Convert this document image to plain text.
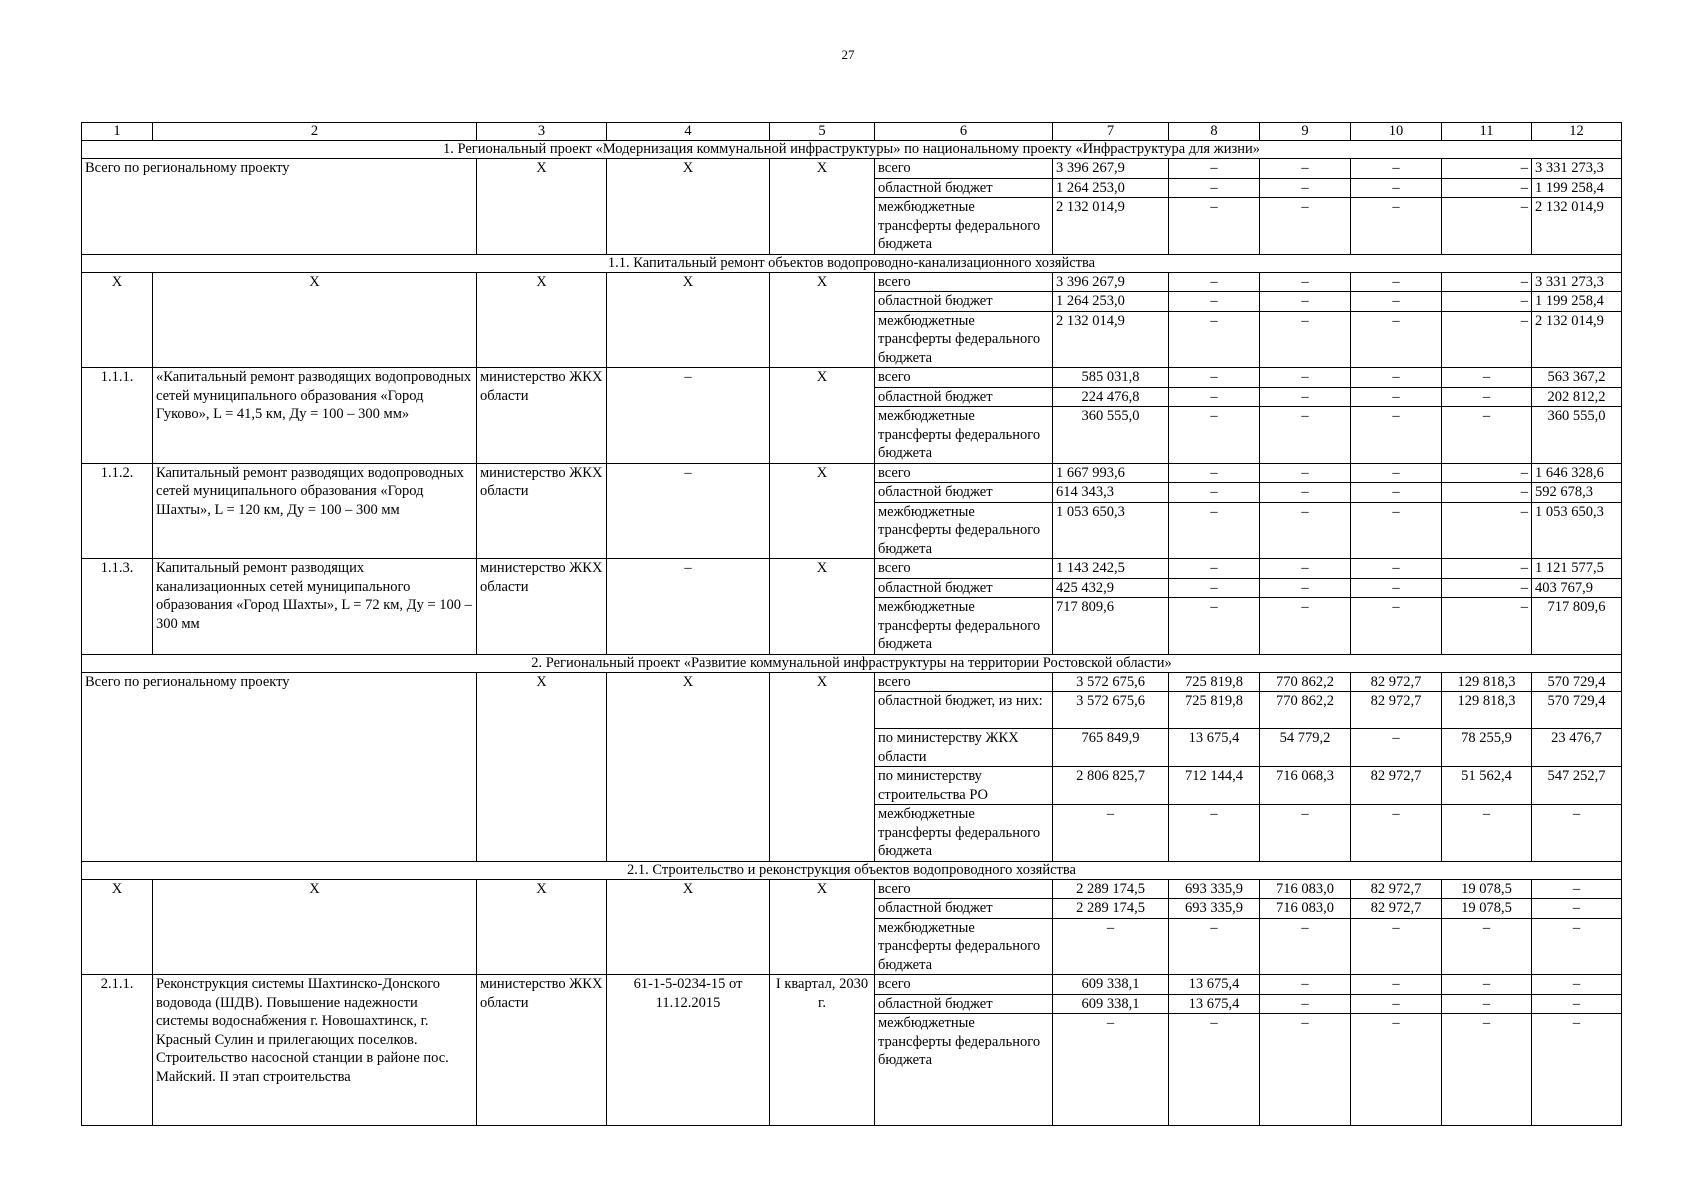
27
1	2	3	4	5	6	7	8	9	10	11	12
1. Региональный проект «Модернизация коммунальной инфраструктуры» по национальному проекту «Инфраструктура для жизни»											
Всего по региональному проекту		Х	Х	Х	всего	3 396 267,9	–	–	–	–	3 331 273,3
					областной бюджет	1 264 253,0	–	–	–	–	1 199 258,4
					межбюджетные трансферты федерального бюджета	2 132 014,9	–	–	–	–	2 132 014,9
1.1. Капитальный ремонт объектов водопроводно-канализационного хозяйства											
Х	Х	Х	Х	Х	всего	3 396 267,9	–	–	–	–	3 331 273,3
					областной бюджет	1 264 253,0	–	–	–	–	1 199 258,4
					межбюджетные трансферты федерального бюджета	2 132 014,9	–	–	–	–	2 132 014,9
1.1.1.	«Капитальный ремонт разводящих водопроводных сетей муниципального образования «Город Гуково», L = 41,5 км, Ду = 100 – 300 мм»	министерство ЖКХ области	–	Х	всего	585 031,8	–	–	–	–	563 367,2
					областной бюджет	224 476,8	–	–	–	–	202 812,2
					межбюджетные трансферты федерального бюджета	360 555,0	–	–	–	–	360 555,0
1.1.2.	Капитальный ремонт разводящих водопроводных сетей муниципального образования «Город Шахты», L = 120 км, Ду = 100 – 300 мм	министерство ЖКХ области	–	Х	всего	1 667 993,6	–	–	–	–	1 646 328,6
					областной бюджет	614 343,3	–	–	–	–	592 678,3
					межбюджетные трансферты федерального бюджета	1 053 650,3	–	–	–	–	1 053 650,3
1.1.3.	Капитальный ремонт разводящих канализационных сетей муниципального образования «Город Шахты», L = 72 км, Ду = 100 – 300 мм	министерство ЖКХ области	–	Х	всего	1 143 242,5	–	–	–	–	1 121 577,5
					областной бюджет	425 432,9	–	–	–	–	403 767,9
					межбюджетные трансферты федерального бюджета	717 809,6	–	–	–	–	717 809,6
2. Региональный проект «Развитие коммунальной инфраструктуры на территории Ростовской области»											
Всего по региональному проекту		Х	Х	Х	всего	3 572 675,6	725 819,8	770 862,2	82 972,7	129 818,3	570 729,4
					областной бюджет, из них:	3 572 675,6	725 819,8	770 862,2	82 972,7	129 818,3	570 729,4
					по министерству ЖКХ области	765 849,9	13 675,4	54 779,2	–	78 255,9	23 476,7
					по министерству строительства РО	2 806 825,7	712 144,4	716 068,3	82 972,7	51 562,4	547 252,7
					межбюджетные трансферты федерального бюджета	–	–	–	–	–	–
2.1. Строительство и реконструкция объектов водопроводного хозяйства											
Х	Х	Х	Х	Х	всего	2 289 174,5	693 335,9	716 083,0	82 972,7	19 078,5	–
					областной бюджет	2 289 174,5	693 335,9	716 083,0	82 972,7	19 078,5	–
					межбюджетные трансферты федерального бюджета	–	–	–	–	–	–
2.1.1.	Реконструкция системы Шахтинско-Донского водовода (ШДВ). Повышение надежности системы водоснабжения г. Новошахтинск, г. Красный Сулин и прилегающих поселков. Строительство насосной станции в районе пос. Майский. II этап строительства	министерство ЖКХ области	61-1-5-0234-15 от 11.12.2015	I квартал, 2030 г.	всего	609 338,1	13 675,4	–	–	–	–
					областной бюджет	609 338,1	13 675,4	–	–	–	–
					межбюджетные трансферты федерального бюджета	–	–	–	–	–	–
